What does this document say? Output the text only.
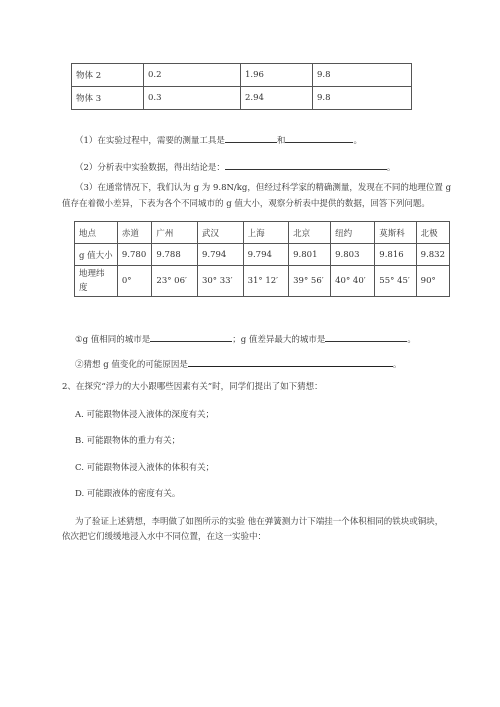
物体 2	0.2	1.96	9.8
物体 3	0.3	2.94	9.8
（1）在实验过程中，需要的测量工具是	和	。
（2）分析表中实验数据，得出结论是：	。
（3）在通常情况下，我们认为 g 为 9.8N/kg，但经过科学家的精确测量，发现在不同的地理位置 g
值存在着微小差异，下表为各个不同城市的 g 值大小，观察分析表中提供的数据，回答下列问题。
地点	赤道	广州	武汉	上海	北京	纽约	莫斯科	北极
g 值大小	9.780	9.788	9.794	9.794	9.801	9.803	9.816	9.832
地理纬
度	0°	23° 06′	30° 33′	31° 12′	39° 56′	40° 40′	55° 45′	90°
①g 值相同的城市是	；g 值差异最大的城市是	。
②猜想 g 值变化的可能原因是	。
2、在探究“浮力的大小跟哪些因素有关”时，同学们提出了如下猜想：
A. 可能跟物体浸入液体的深度有关；
B. 可能跟物体的重力有关；
C. 可能跟物体浸入液体的体积有关；
D. 可能跟液体的密度有关。
为了验证上述猜想，李明做了如图所示的实验 他在弹簧测力计下端挂一个体积相同的铁块或铜块，
依次把它们缓缓地浸入水中不同位置，在这一实验中：
